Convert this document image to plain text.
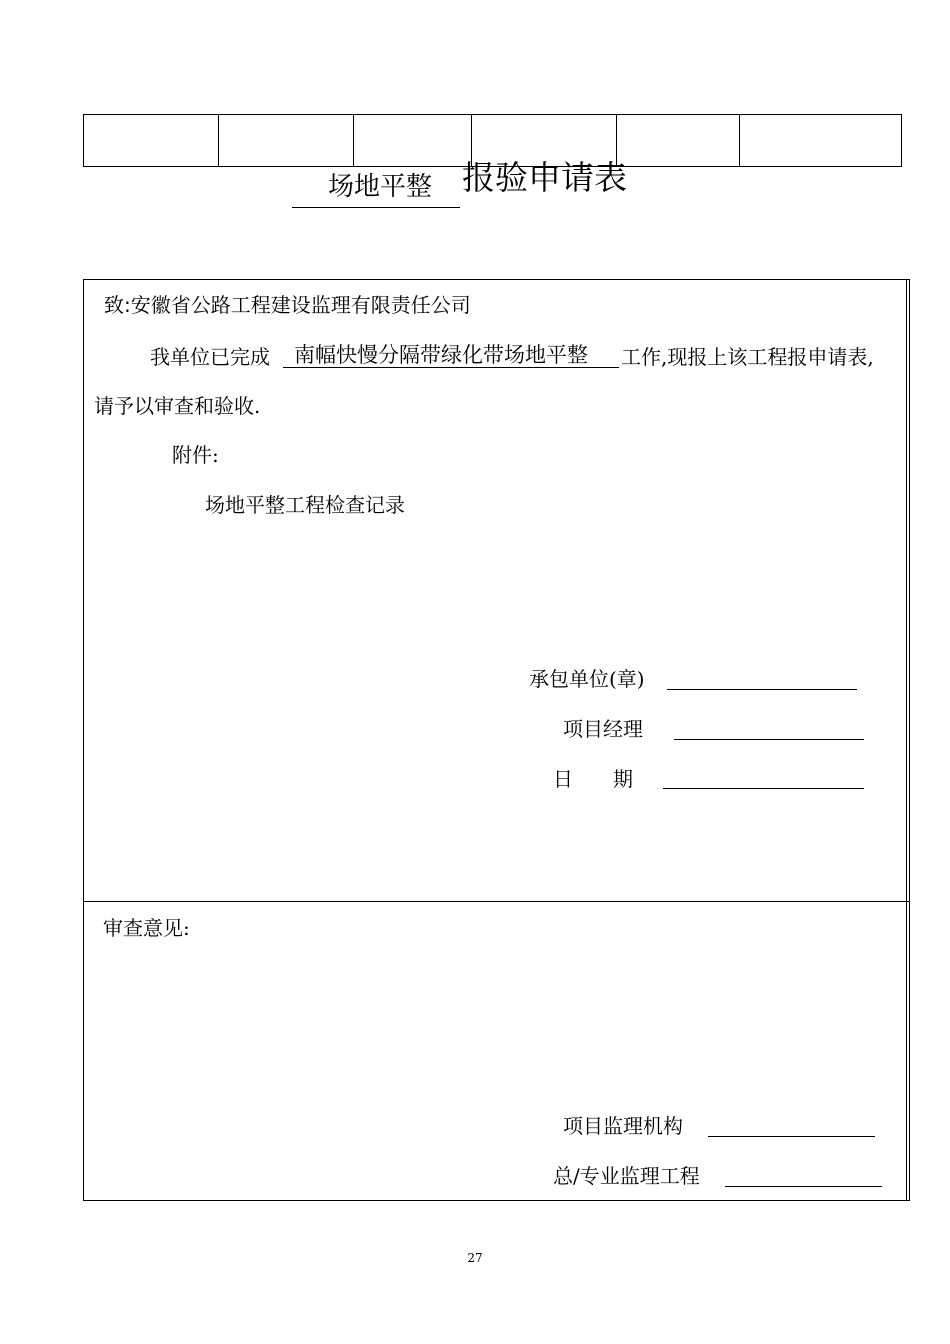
场地平整 报验申请表
致:安徽省公路工程建设监理有限责任公司
我单位已完成 南幅快慢分隔带绿化带场地平整 工作,现报上该工程报申请表,
请予以审查和验收.
附件:
场地平整工程检查记录
承包单位(章)
项目经理
日　　期
审查意见:
项目监理机构
总/专业监理工程
27
